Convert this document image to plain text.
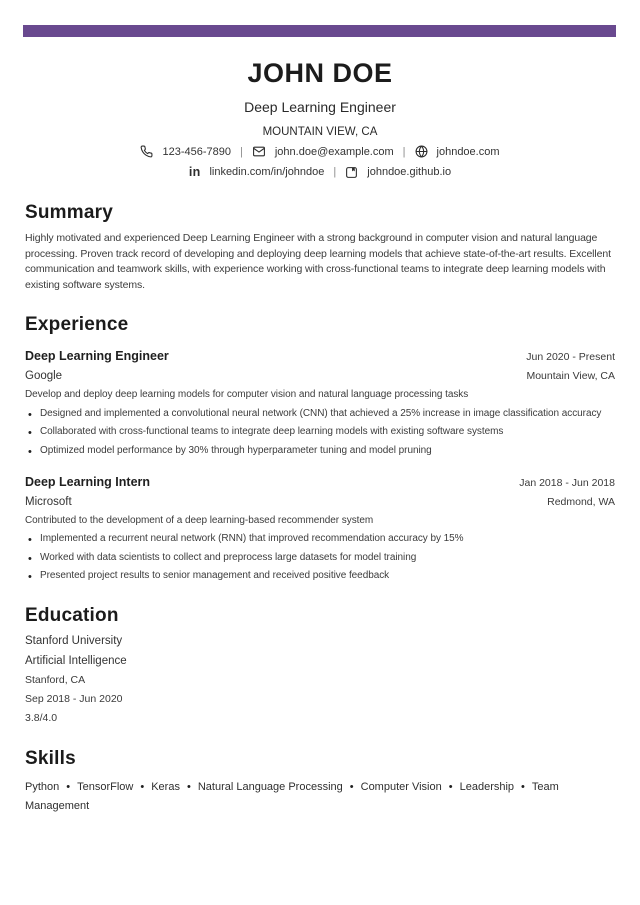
JOHN DOE
Deep Learning Engineer
MOUNTAIN VIEW, CA
123-456-7890 |	john.doe@example.com |	johndoe.com
in linkedin.com/in/johndoe |	johndoe.github.io
Summary

Highly motivated and experienced Deep Learning Engineer with a strong background in computer vision and natural language processing. Proven track record of developing and deploying deep learning models that achieve state-of-the-art results. Excellent communication and teamwork skills, with experience working with cross-functional teams to integrate deep learning models with existing software systems.

Experience
Deep Learning Engineer	Jun 2020 - Present
Google	Mountain View, CA
Develop and deploy deep learning models for computer vision and natural language processing tasks
• Designed and implemented a convolutional neural network (CNN) that achieved a 25% increase in image classification accuracy
• Collaborated with cross-functional teams to integrate deep learning models with existing software systems
• Optimized model performance by 30% through hyperparameter tuning and model pruning
Deep Learning Intern	Jan 2018 - Jun 2018
Microsoft	Redmond, WA
Contributed to the development of a deep learning-based recommender system
• Implemented a recurrent neural network (RNN) that improved recommendation accuracy by 15%
• Worked with data scientists to collect and preprocess large datasets for model training
• Presented project results to senior management and received positive feedback
Education
Stanford University
Artificial Intelligence
Stanford, CA
Sep 2018 - Jun 2020
3.8/4.0
Skills
Python • TensorFlow • Keras • Natural Language Processing • Computer Vision • Leadership • Team Management
